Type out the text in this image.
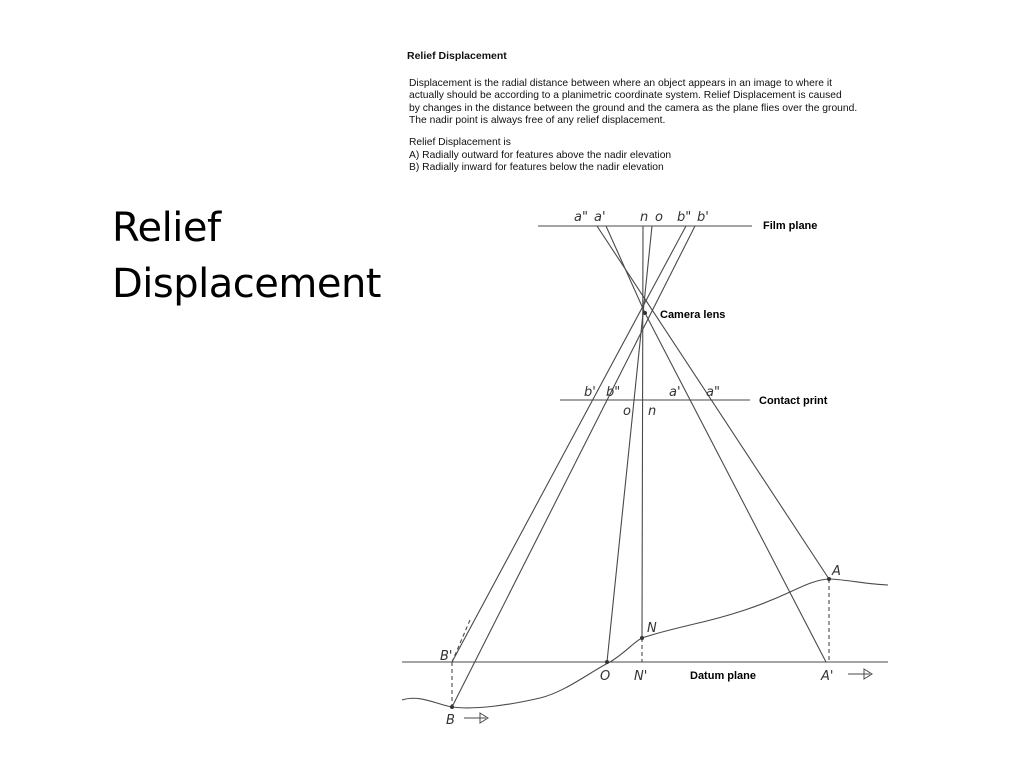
Relief
Displacement
Relief Displacement
Displacement is the radial distance between where an object appears in an image to where it
actually should be according to a planimetric coordinate system. Relief Displacement is caused
by changes in the distance between the ground and the camera as the plane flies over the ground.
The nadir point is always free of any relief displacement.
Relief Displacement is
A) Radially outward for features above the nadir elevation
B) Radially inward for features below the nadir elevation
a" a'	n o b" b'
b' b"	a' a"
o n
A
N
B'
O N'	A'
B
Film plane
Camera lens
Contact print
Datum plane
